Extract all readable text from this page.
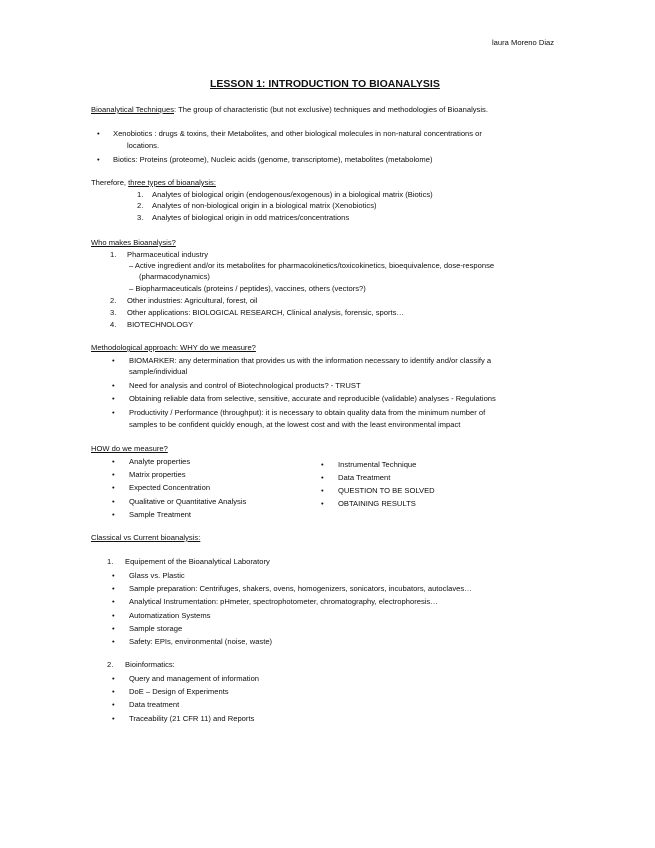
laura Moreno Diaz
LESSON 1: INTRODUCTION TO BIOANALYSIS
Bioanalytical Techniques: The group of characteristic (but not exclusive) techniques and methodologies of Bioanalysis.
• Xenobiotics : drugs & toxins, their Metabolites, and other biological molecules in non-natural concentrations or
locations.
• Biotics: Proteins (proteome), Nucleic acids (genome, transcriptome), metabolites (metabolome)
Therefore, three types of bioanalysis:
1. Analytes of biological origin (endogenous/exogenous) in a biological matrix (Biotics)
2. Analytes of non-biological origin in a biological matrix (Xenobiotics)
3. Analytes of biological origin in odd matrices/concentrations
Who makes Bioanalysis?
1. Pharmaceutical industry
– Active ingredient and/or its metabolites for pharmacokinetics/toxicokinetics, bioequivalence, dose-response
(pharmacodynamics)
– Biopharmaceuticals (proteins / peptides), vaccines, others (vectors?)
2. Other industries: Agricultural, forest, oil
3. Other applications: BIOLOGICAL RESEARCH, Clinical analysis, forensic, sports…
4. BIOTECHNOLOGY
Methodological approach: WHY do we measure?
• BIOMARKER: any determination that provides us with the information necessary to identify and/or classify a
sample/individual
• Need for analysis and control of Biotechnological products? - TRUST
• Obtaining reliable data from selective, sensitive, accurate and reproducible (validable) analyses - Regulations
• Productivity / Performance (throughput): it is necessary to obtain quality data from the minimum number of
samples to be confident quickly enough, at the lowest cost and with the least environmental impact
HOW do we measure?
• Analyte properties
• Matrix properties
• Expected Concentration
• Qualitative or Quantitative Analysis
• Sample Treatment
• Instrumental Technique
• Data Treatment
• QUESTION TO BE SOLVED
• OBTAINING RESULTS
Classical vs Current bioanalysis:
1. Equipement of the Bioanalytical Laboratory
• Glass vs. Plastic
• Sample preparation: Centrifuges, shakers, ovens, homogenizers, sonicators, incubators, autoclaves…
• Analytical Instrumentation: pHmeter, spectrophotometer, chromatography, electrophoresis…
• Automatization Systems
• Sample storage
• Safety: EPIs, environmental (noise, waste)
2. Bioinformatics:
• Query and management of information
• DoE – Design of Experiments
• Data treatment
• Traceability (21 CFR 11) and Reports
